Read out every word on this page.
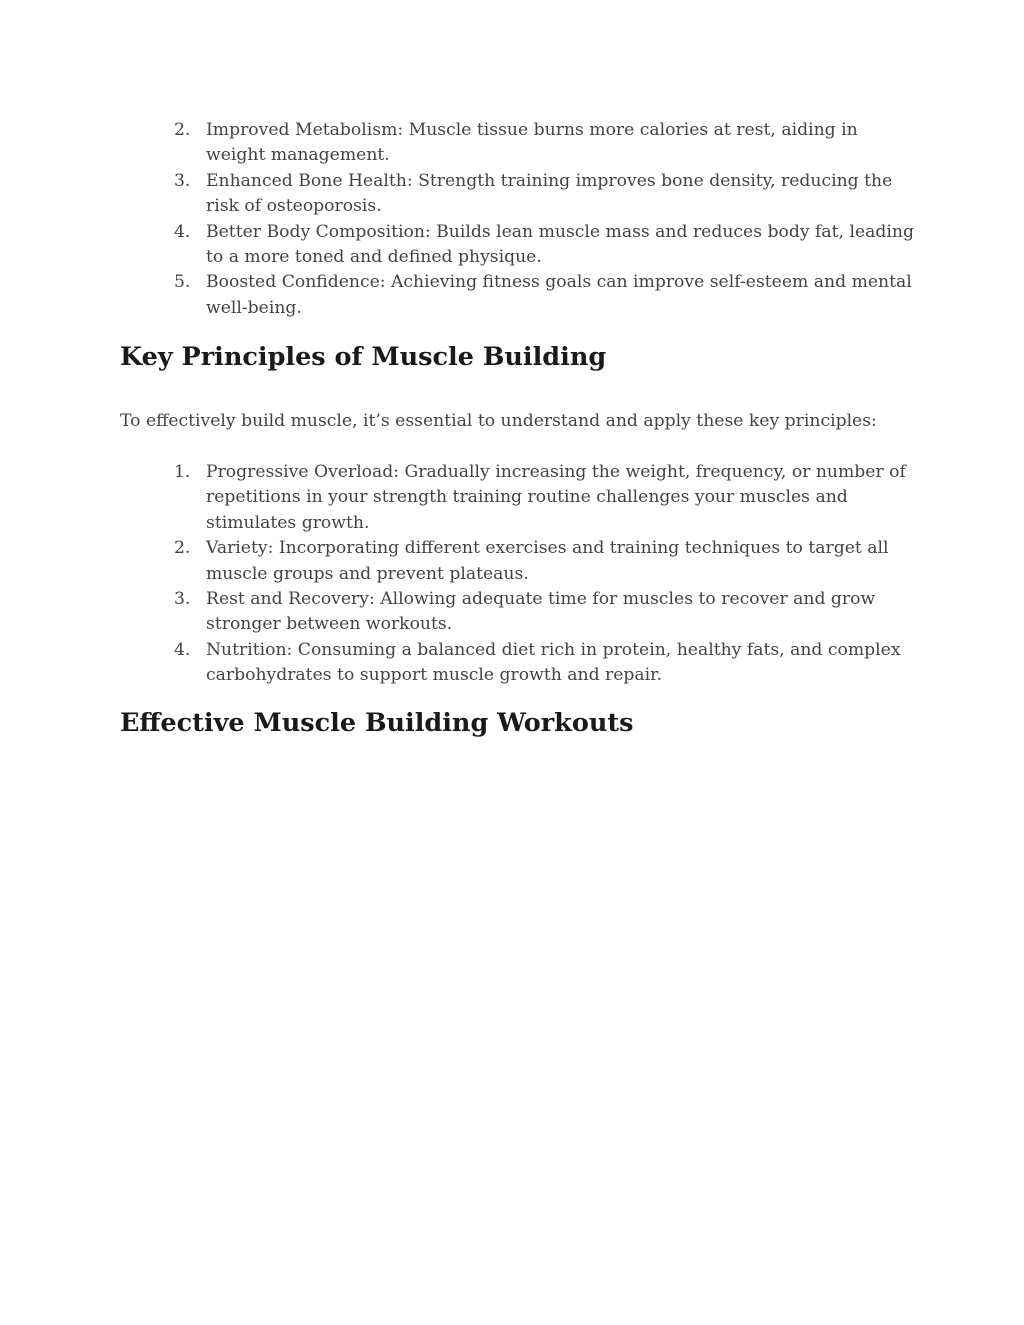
2. Improved Metabolism: Muscle tissue burns more calories at rest, aiding in weight management.
3. Enhanced Bone Health: Strength training improves bone density, reducing the risk of osteoporosis.
4. Better Body Composition: Builds lean muscle mass and reduces body fat, leading to a more toned and defined physique.
5. Boosted Confidence: Achieving fitness goals can improve self-esteem and mental well-being.
Key Principles of Muscle Building

To effectively build muscle, it’s essential to understand and apply these key principles:

1. Progressive Overload: Gradually increasing the weight, frequency, or number of repetitions in your strength training routine challenges your muscles and stimulates growth.
2. Variety: Incorporating different exercises and training techniques to target all muscle groups and prevent plateaus.
3. Rest and Recovery: Allowing adequate time for muscles to recover and grow stronger between workouts.
4. Nutrition: Consuming a balanced diet rich in protein, healthy fats, and complex carbohydrates to support muscle growth and repair.
Effective Muscle Building Workouts
